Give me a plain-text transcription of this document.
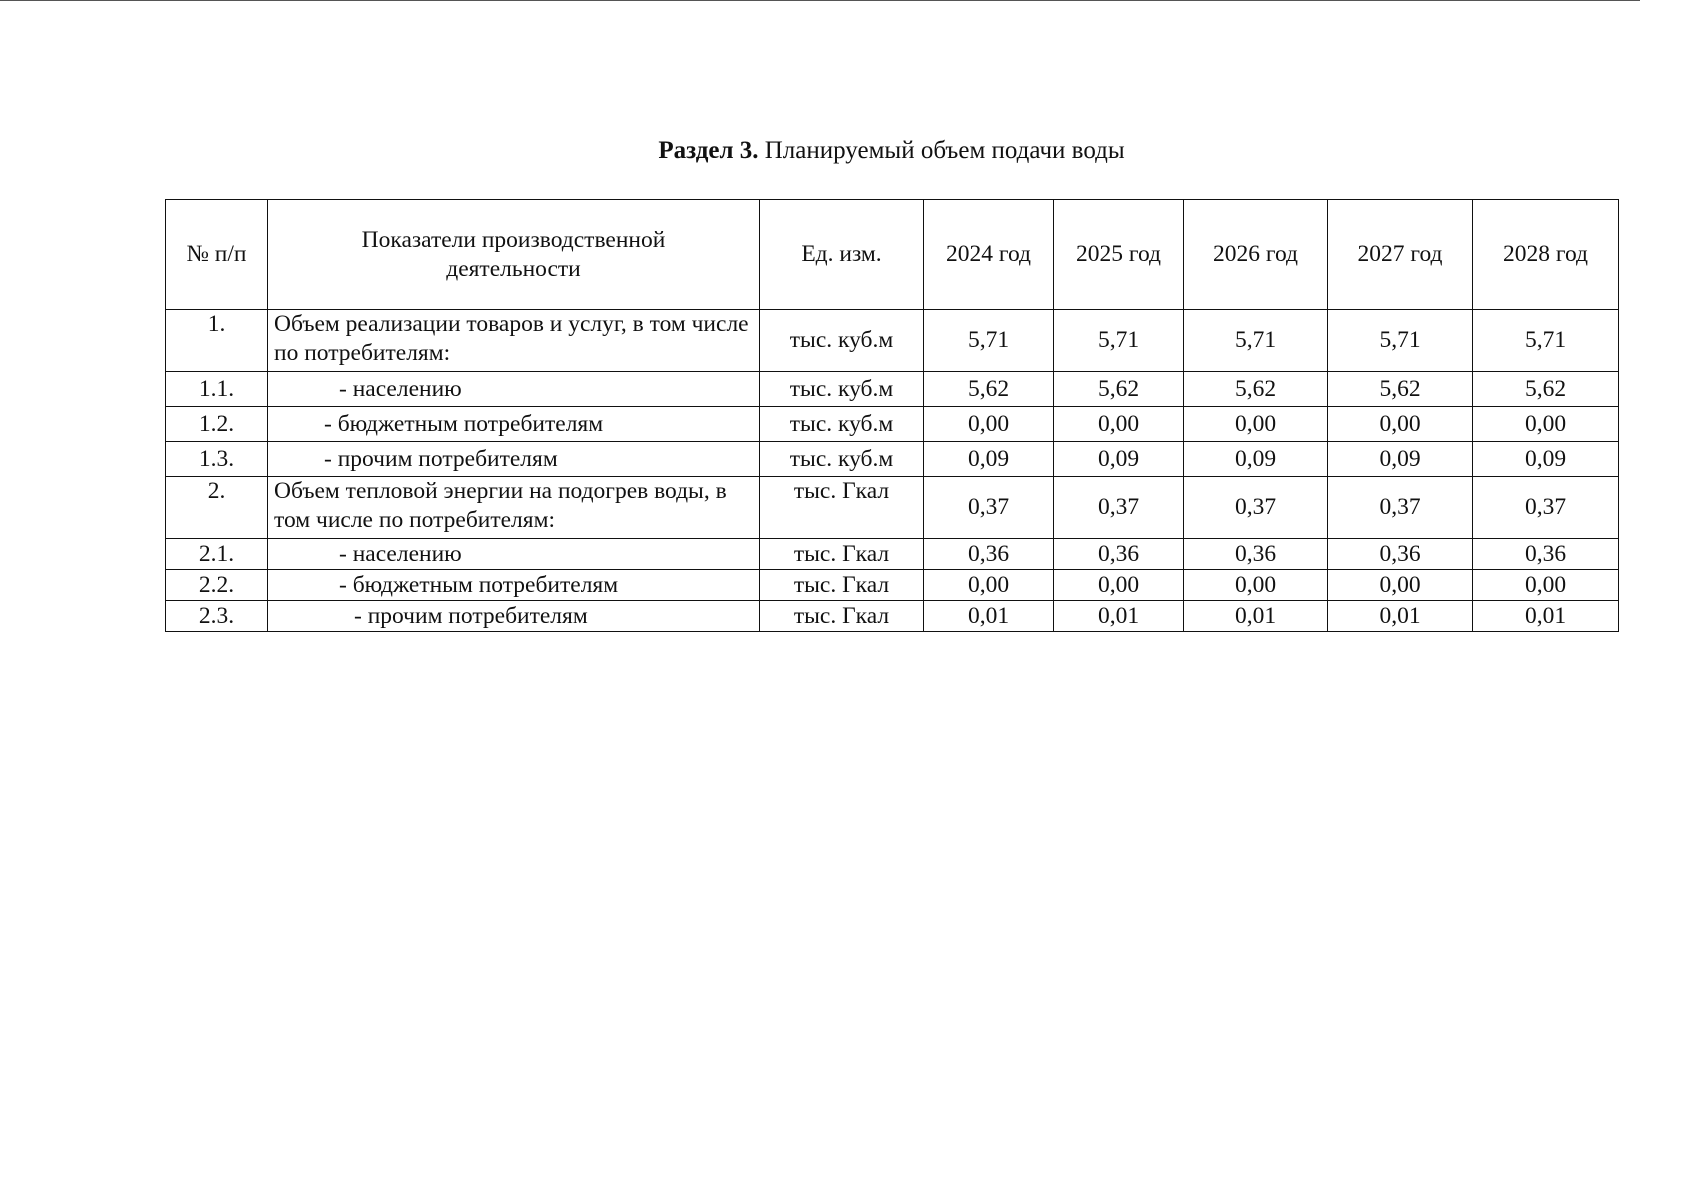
Раздел 3. Планируемый объем подачи воды
№ п/п	Показатели производственной деятельности	Ед. изм.	2024 год	2025 год	2026 год	2027 год	2028 год
1.	Объем реализации товаров и услуг, в том числе по потребителям:	тыс. куб.м	5,71	5,71	5,71	5,71	5,71
1.1.	- населению	тыс. куб.м	5,62	5,62	5,62	5,62	5,62
1.2.	- бюджетным потребителям	тыс. куб.м	0,00	0,00	0,00	0,00	0,00
1.3.	- прочим потребителям	тыс. куб.м	0,09	0,09	0,09	0,09	0,09
2.	Объем тепловой энергии на подогрев воды, в том числе по потребителям:	тыс. Гкал	0,37	0,37	0,37	0,37	0,37
2.1.	- населению	тыс. Гкал	0,36	0,36	0,36	0,36	0,36
2.2.	- бюджетным потребителям	тыс. Гкал	0,00	0,00	0,00	0,00	0,00
2.3.	- прочим потребителям	тыс. Гкал	0,01	0,01	0,01	0,01	0,01
